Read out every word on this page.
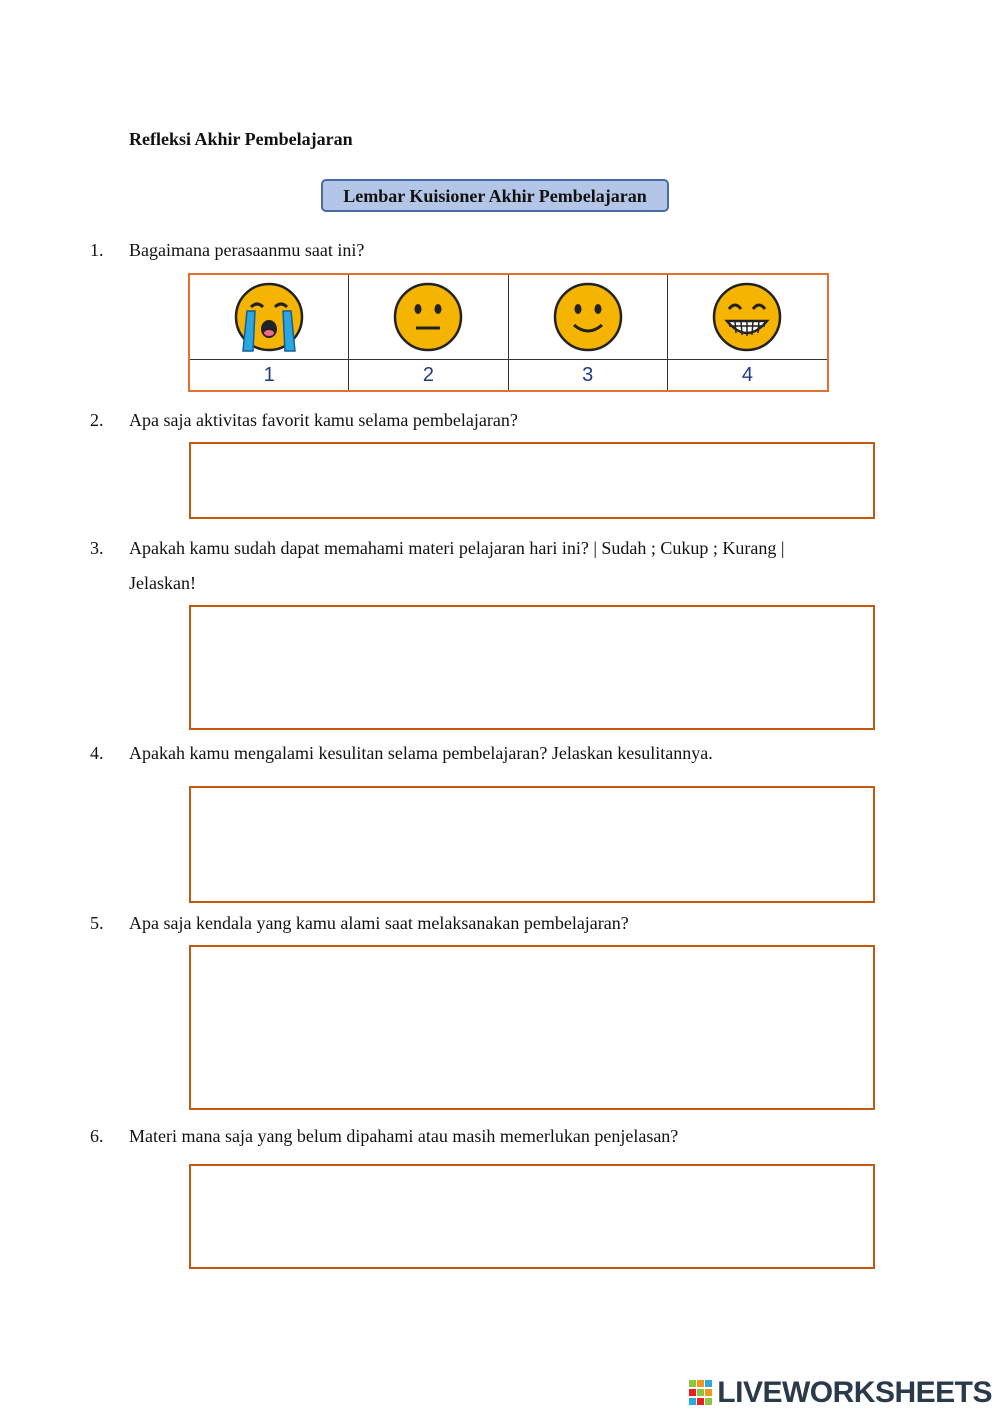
Refleksi Akhir Pembelajaran
Lembar Kuisioner Akhir Pembelajaran
1. Bagaimana perasaanmu saat ini?
1	2	3	4
2. Apa saja aktivitas favorit kamu selama pembelajaran?
3. Apakah kamu sudah dapat memahami materi pelajaran hari ini? | Sudah ; Cukup ; Kurang |
Jelaskan!
4. Apakah kamu mengalami kesulitan selama pembelajaran? Jelaskan kesulitannya.
5. Apa saja kendala yang kamu alami saat melaksanakan pembelajaran?
6. Materi mana saja yang belum dipahami atau masih memerlukan penjelasan?
LIVEWORKSHEETS
